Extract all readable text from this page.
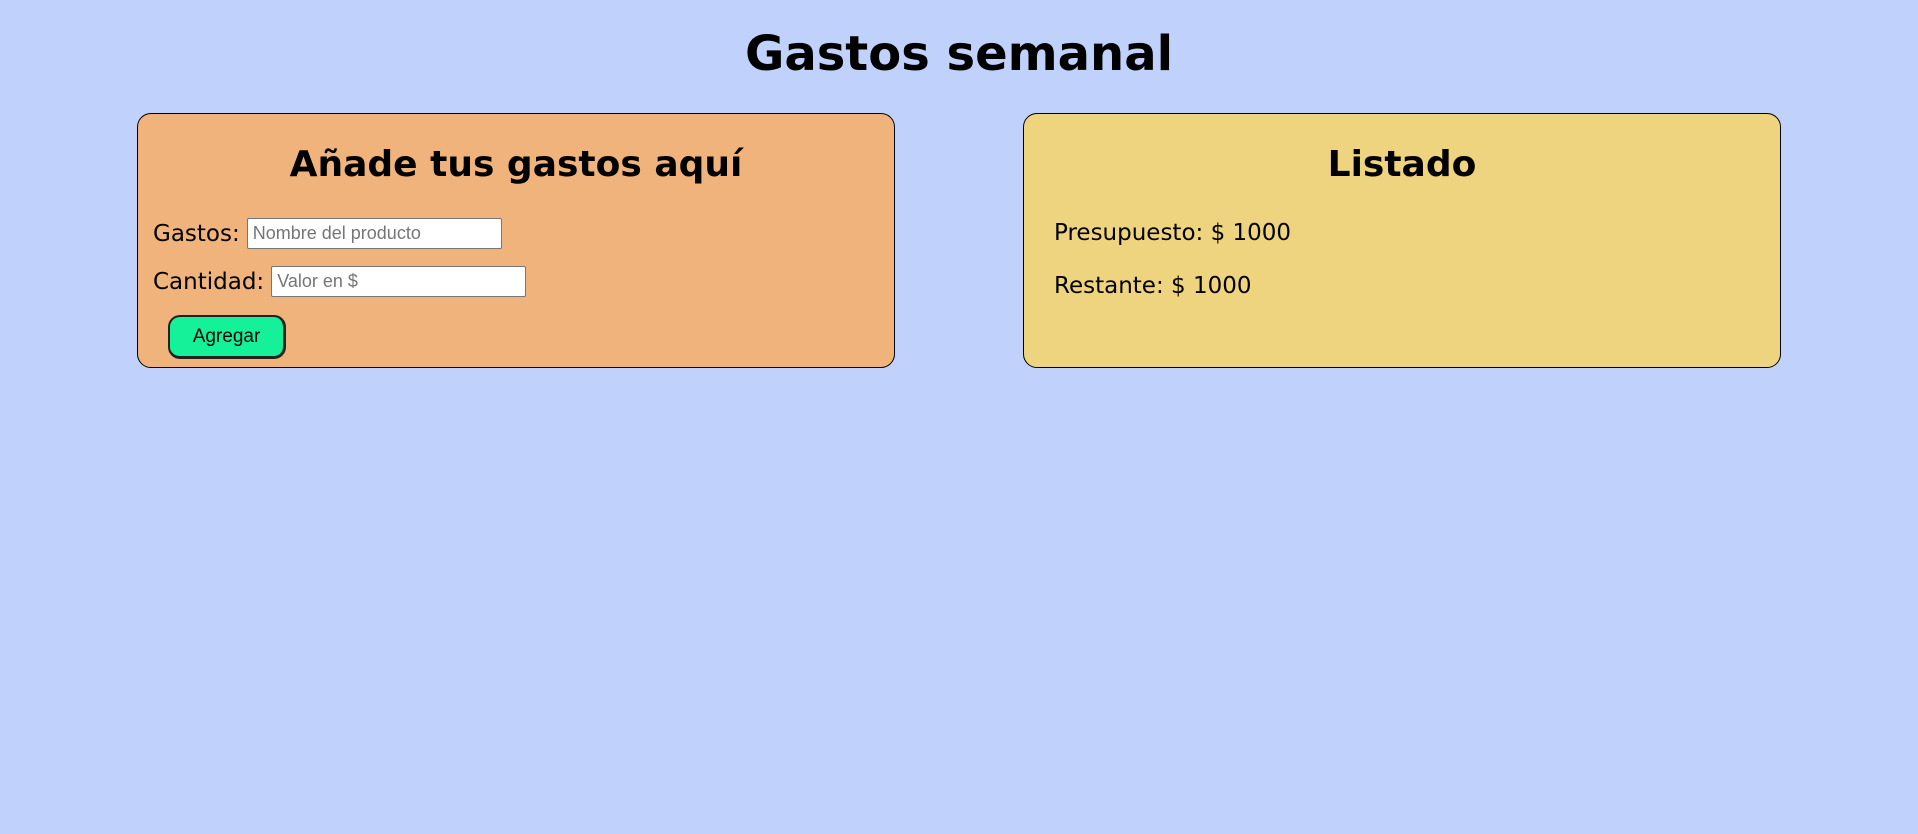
Gastos semanal
Añade tus gastos aquí
Gastos:
Nombre del producto
Cantidad:
Valor en $
Agregar
Listado

Presupuesto: $ 1000

Restante: $ 1000
